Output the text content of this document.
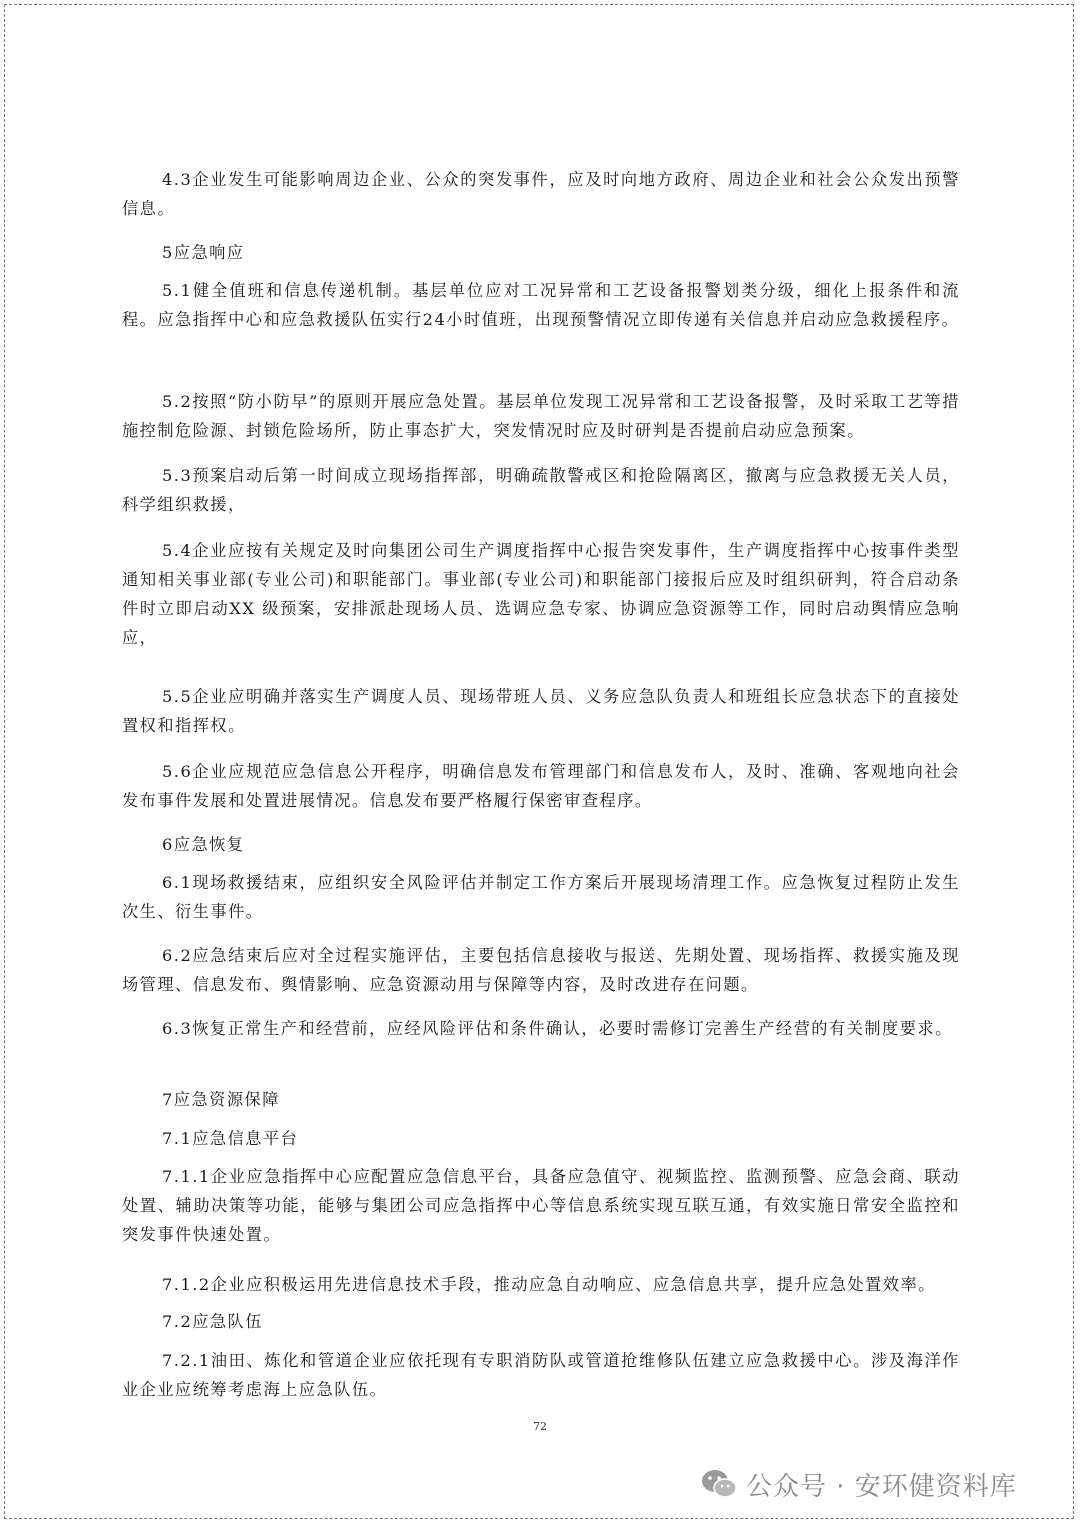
4.3企业发生可能影响周边企业、公众的突发事件，应及时向地方政府、周边企业和社会公众发出预警信息。

5应急响应

5.1健全值班和信息传递机制。基层单位应对工况异常和工艺设备报警划类分级，细化上报条件和流程。应急指挥中心和应急救援队伍实行24小时值班，出现预警情况立即传递有关信息并启动应急救援程序。

5.2按照“防小防早”的原则开展应急处置。基层单位发现工况异常和工艺设备报警，及时采取工艺等措施控制危险源、封锁危险场所，防止事态扩大，突发情况时应及时研判是否提前启动应急预案。

5.3预案启动后第一时间成立现场指挥部，明确疏散警戒区和抢险隔离区，撤离与应急救援无关人员，科学组织救援，

5.4企业应按有关规定及时向集团公司生产调度指挥中心报告突发事件，生产调度指挥中心按事件类型通知相关事业部(专业公司)和职能部门。事业部(专业公司)和职能部门接报后应及时组织研判，符合启动条件时立即启动XX 级预案，安排派赴现场人员、选调应急专家、协调应急资源等工作，同时启动舆情应急响应，

5.5企业应明确并落实生产调度人员、现场带班人员、义务应急队负责人和班组长应急状态下的直接处置权和指挥权。

5.6企业应规范应急信息公开程序，明确信息发布管理部门和信息发布人，及时、准确、客观地向社会发布事件发展和处置进展情况。信息发布要严格履行保密审查程序。

6应急恢复

6.1现场救援结束，应组织安全风险评估并制定工作方案后开展现场清理工作。应急恢复过程防止发生次生、衍生事件。

6.2应急结束后应对全过程实施评估，主要包括信息接收与报送、先期处置、现场指挥、救援实施及现场管理、信息发布、舆情影响、应急资源动用与保障等内容，及时改进存在问题。

6.3恢复正常生产和经营前，应经风险评估和条件确认，必要时需修订完善生产经营的有关制度要求。

7应急资源保障

7.1应急信息平台

7.1.1企业应急指挥中心应配置应急信息平台，具备应急值守、视频监控、监测预警、应急会商、联动处置、辅助决策等功能，能够与集团公司应急指挥中心等信息系统实现互联互通，有效实施日常安全监控和突发事件快速处置。

7.1.2企业应积极运用先进信息技术手段，推动应急自动响应、应急信息共享，提升应急处置效率。

7.2应急队伍

7.2.1油田、炼化和管道企业应依托现有专职消防队或管道抢维修队伍建立应急救援中心。涉及海洋作业企业应统筹考虑海上应急队伍。

72
公众号 · 安环健资料库
